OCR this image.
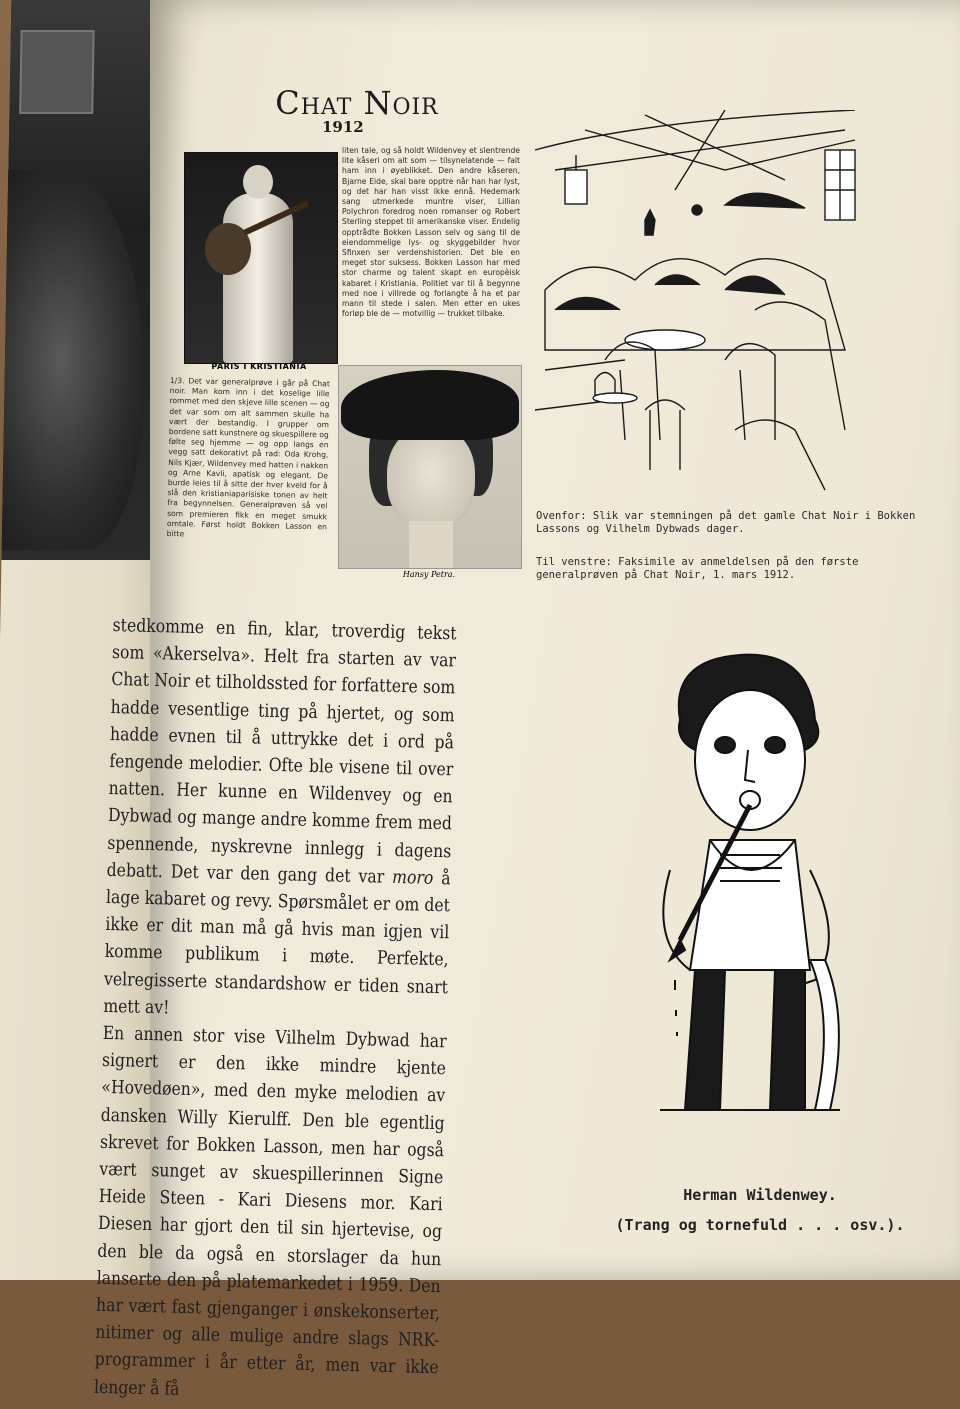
Chat Noir
1912
PARIS I KRISTIANIA
1/3. Det var generalprøve i går på Chat noir. Man kom inn i det koselige lille rommet med den skjeve lille scenen — og det var som om alt sammen skulle ha vært der bestandig. I grupper om bordene satt kunstnere og skuespillere og følte seg hjemme — og opp langs en vegg satt dekorativt på rad: Oda Krohg, Nils Kjær, Wildenvey med hatten i nakken og Arne Kavli, apatisk og elegant. De burde leies til å sitte der hver kveld for å slå den kristianiaparisiske tonen av helt fra begynnelsen. Generalprøven så vel som premieren fikk en meget smukk omtale. Først holdt Bokken Lasson en bitte
liten tale, og så holdt Wildenvey et slentrende lite kåseri om alt som — tilsynelatende — falt ham inn i øyeblikket. Den andre kåseren, Bjarne Eide, skal bare opptre når han har lyst, og det har han visst ikke ennå. Hedemark sang utmerkede muntre viser, Lillian Polychron foredrog noen romanser og Robert Sterling steppet til amerikanske viser. Endelig opptrådte Bokken Lasson selv og sang til de eiendommelige lys- og skyggebilder hvor Sfinxen ser verdenshistorien. Det ble en meget stor suksess. Bokken Lasson har med stor charme og talent skapt en europèisk kabaret i Kristiania. Politiet var til å begynne med noe i villrede og forlangte å ha et par mann til stede i salen. Men etter en ukes forløp ble de — motvillig — trukket tilbake.
Hansy Petra.
Ovenfor: Slik var stemningen på det gamle Chat Noir i Bokken Lassons og Vilhelm Dybwads dager.
Til venstre: Faksimile av anmeldelsen på den første generalprøven på Chat Noir, 1. mars 1912.

stedkomme en fin, klar, troverdig tekst som «Akerselva». Helt fra starten av var Chat Noir et tilholdssted for forfattere som hadde vesentlige ting på hjertet, og som hadde evnen til å uttrykke det i ord på fengende melodier. Ofte ble visene til over natten. Her kunne en Wildenvey og en Dybwad og mange andre komme frem med spennende, nyskrevne innlegg i dagens debatt. Det var den gang det var moro å lage kabaret og revy. Spørsmålet er om det ikke er dit man må gå hvis man igjen vil komme publikum i møte. Perfekte, velregisserte standardshow er tiden snart mett av!

En annen stor vise Vilhelm Dybwad har signert er den ikke mindre kjente «Hovedøen», med den myke melodien av dansken Willy Kierulff. Den ble egentlig skrevet for Bokken Lasson, men har også vært sunget av skuespillerinnen Signe Heide Steen - Kari Diesens mor. Kari Diesen har gjort den til sin hjertevise, og den ble da også en storslager da hun lanserte den på platemarkedet i 1959. Den har vært fast gjenganger i ønskekonserter, nitimer og alle mulige andre slags NRK-programmer i år etter år, men var ikke lenger å få

Herman Wildenwey.
(Trang og tornefuld . . . osv.).
